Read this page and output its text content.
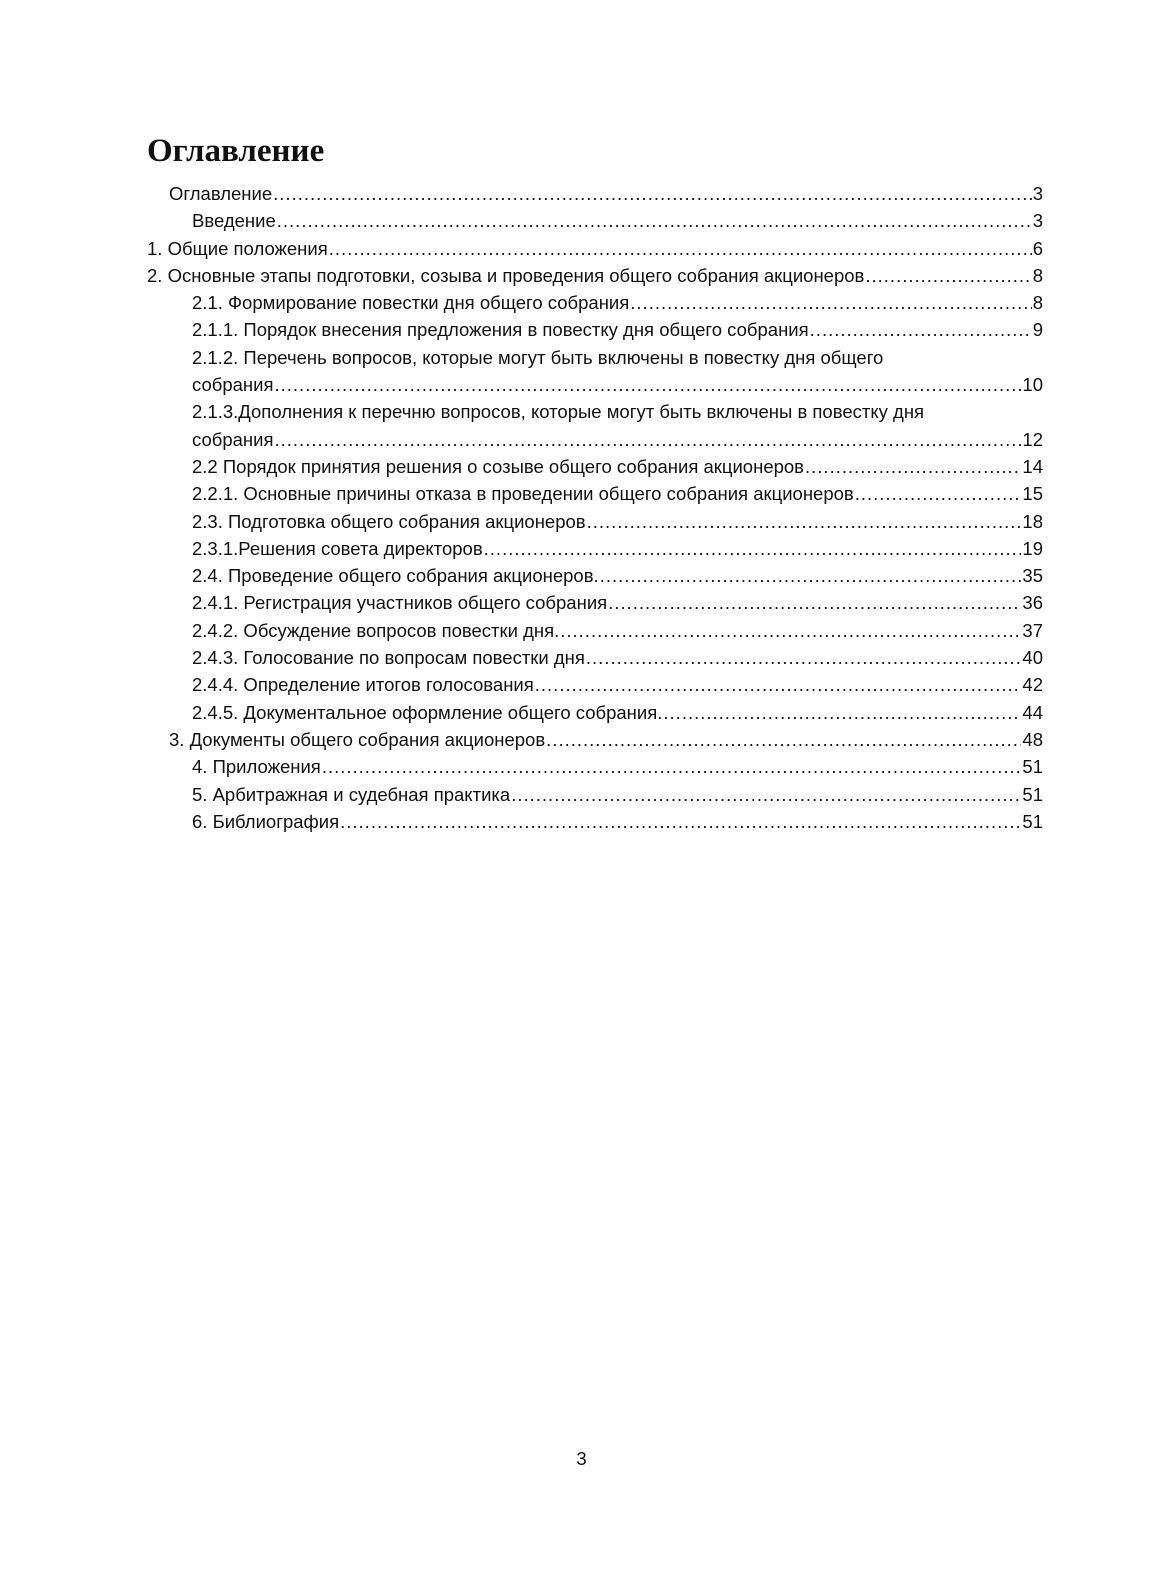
Оглавление
Оглавление .....	3
Введение .....	3
1. Общие положения .....	6
2. Основные этапы подготовки, созыва и проведения общего собрания акционеров .....	8
2.1. Формирование повестки дня общего собрания .....	8
2.1.1. Порядок внесения предложения в повестку дня общего собрания .....	9
2.1.2. Перечень вопросов, которые могут быть включены в повестку дня общего
собрания .....	10
2.1.3.Дополнения к перечню вопросов, которые могут быть включены в повестку дня
собрания .....	12
2.2 Порядок принятия решения о созыве общего собрания акционеров .....	14
2.2.1. Основные причины отказа в проведении общего собрания акционеров .....	15
2.3. Подготовка общего собрания акционеров .....	18
2.3.1.Решения совета директоров .....	19
2.4. Проведение общего собрания акционеров. .....	35
2.4.1. Регистрация участников общего собрания .....	36
2.4.2. Обсуждение вопросов повестки дня. .....	37
2.4.3. Голосование по вопросам повестки дня .....	40
2.4.4. Определение итогов голосования .....	42
2.4.5. Документальное оформление общего собрания. .....	44
3. Документы общего собрания акционеров .....	48
4. Приложения .....	51
5. Арбитражная и судебная практика .....	51
6. Библиография .....	51
3
